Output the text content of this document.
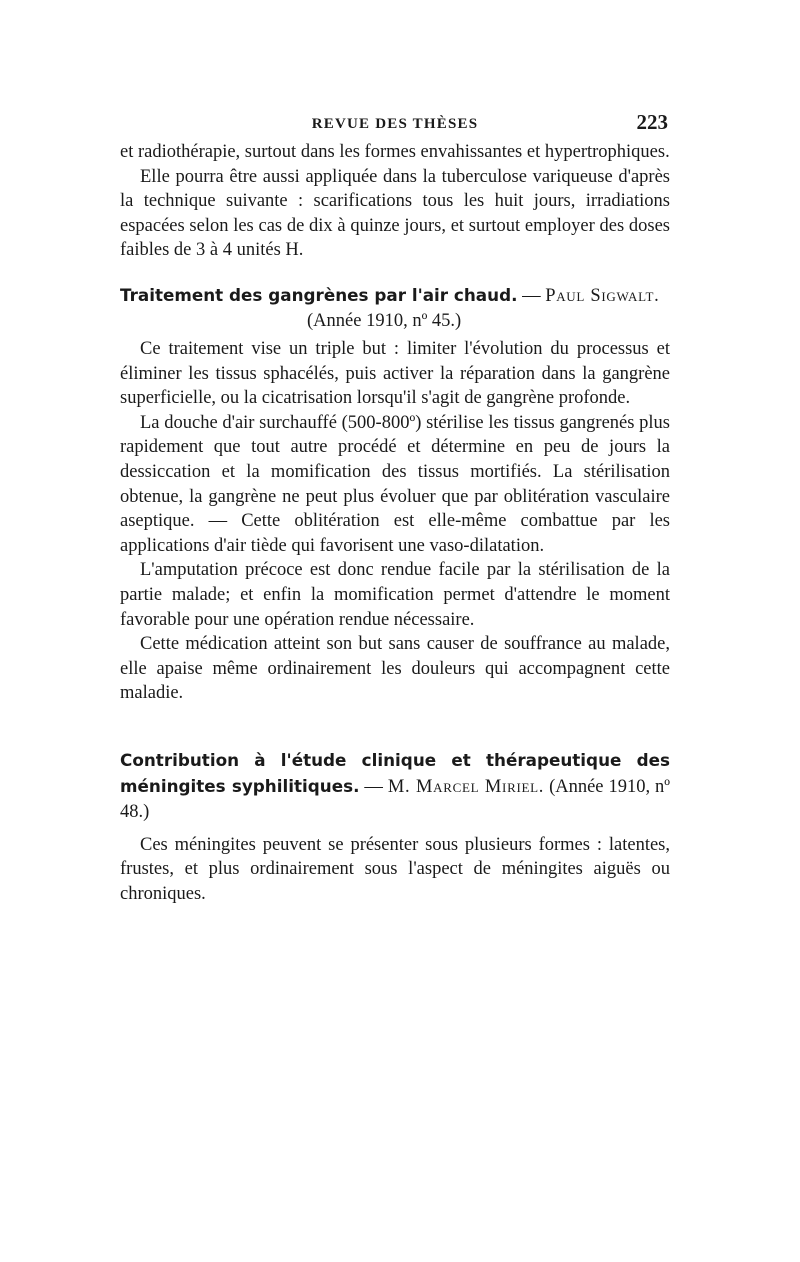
REVUE DES THÈSES	223

et radiothérapie, surtout dans les formes envahissantes et hypertrophiques.

Elle pourra être aussi appliquée dans la tuberculose variqueuse d'après la technique suivante : scarifications tous les huit jours, irradiations espacées selon les cas de dix à quinze jours, et surtout employer des doses faibles de 3 à 4 unités H.

Traitement des gangrènes par l'air chaud. — Paul Sigwalt.

(Année 1910, nº 45.)

Ce traitement vise un triple but : limiter l'évolution du processus et éliminer les tissus sphacélés, puis activer la réparation dans la gangrène superficielle, ou la cicatrisation lorsqu'il s'agit de gangrène profonde.

La douche d'air surchauffé (500-800º) stérilise les tissus gangrenés plus rapidement que tout autre procédé et détermine en peu de jours la dessiccation et la momification des tissus mortifiés. La stérilisation obtenue, la gangrène ne peut plus évoluer que par oblitération vasculaire aseptique. — Cette oblitération est elle-même combattue par les applications d'air tiède qui favorisent une vaso-dilatation.

L'amputation précoce est donc rendue facile par la stérilisation de la partie malade; et enfin la momification permet d'attendre le moment favorable pour une opération rendue nécessaire.

Cette médication atteint son but sans causer de souffrance au malade, elle apaise même ordinairement les douleurs qui accompagnent cette maladie.

Contribution à l'étude clinique et thérapeutique des méningites syphilitiques. — M. Marcel Miriel. (Année 1910, nº 48.)

Ces méningites peuvent se présenter sous plusieurs formes : latentes, frustes, et plus ordinairement sous l'aspect de méningites aiguës ou chroniques.
